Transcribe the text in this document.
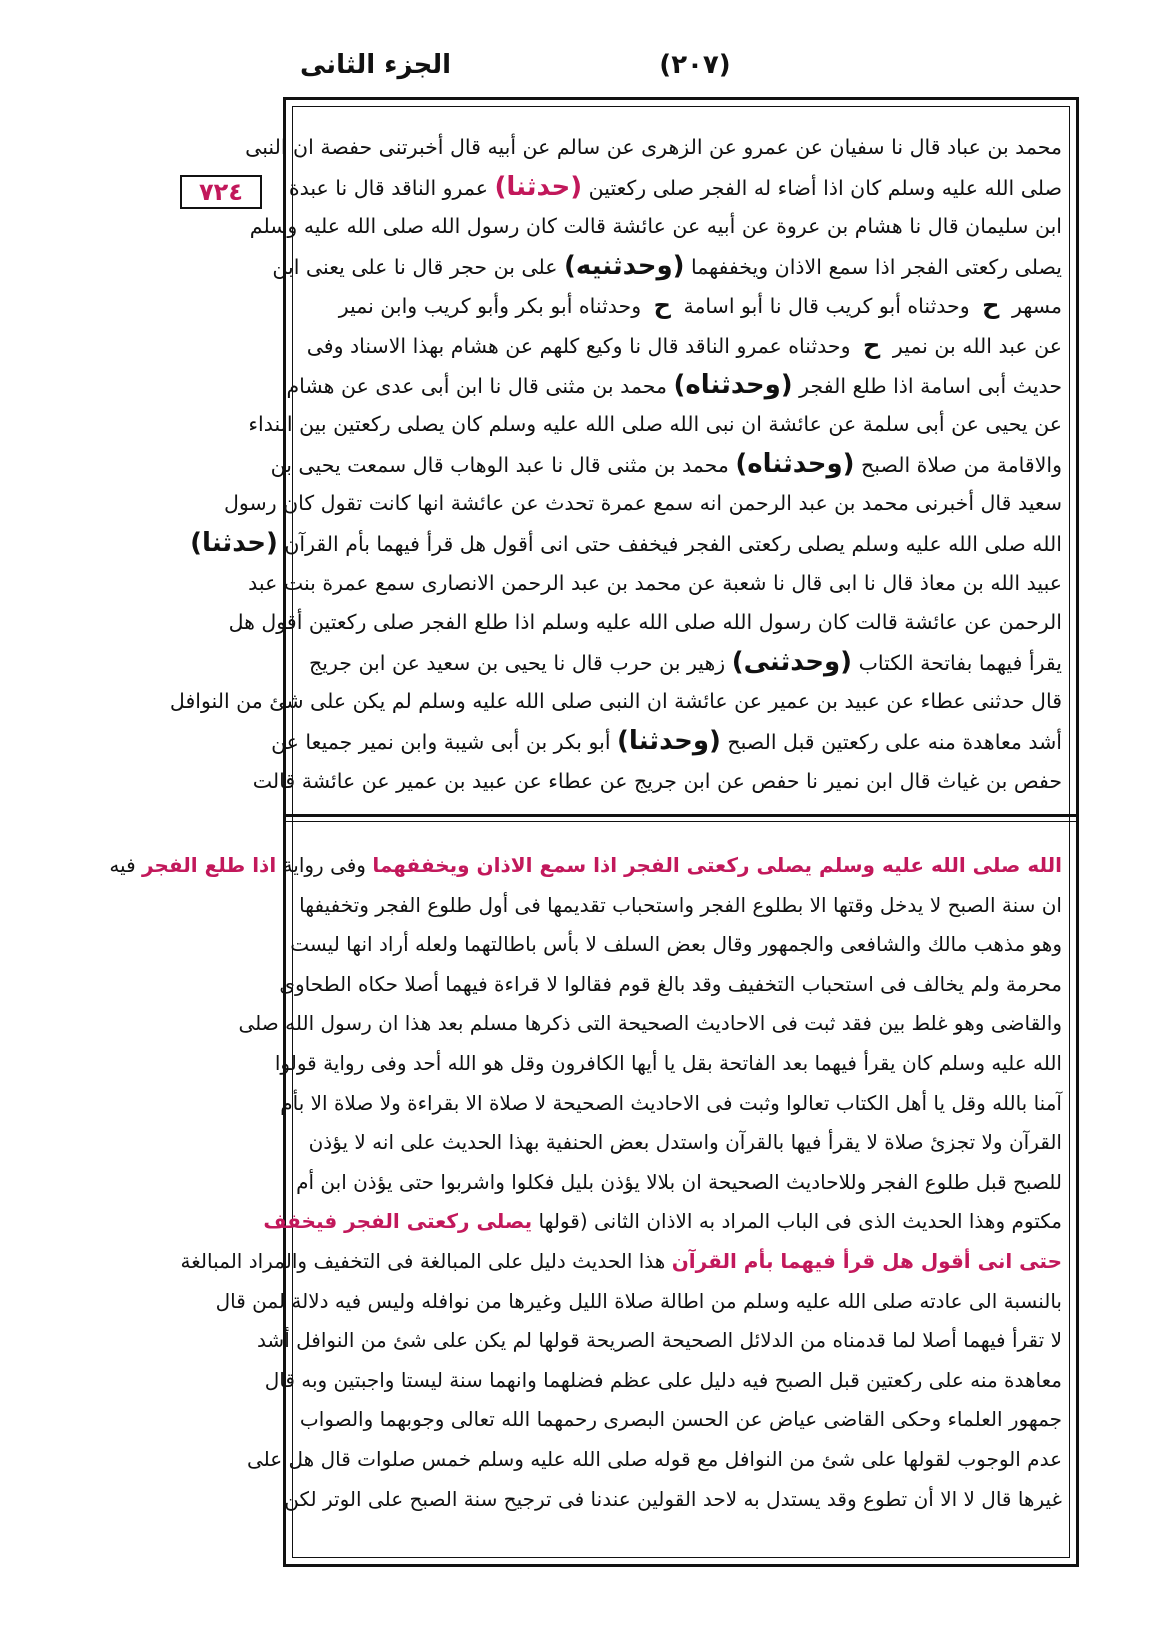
الجزء الثانى	(٢٠٧)
٧٢٤
محمد بن عباد قال نا سفيان عن عمرو عن الزهرى عن سالم عن أبيه قال أخبرتنى حفصة ان النبى
صلى الله عليه وسلم كان اذا أضاء له الفجر صلى ركعتين (حدثنا) عمرو الناقد قال نا عبدة
ابن سليمان قال نا هشام بن عروة عن أبيه عن عائشة قالت كان رسول الله صلى الله عليه وسلم
يصلى ركعتى الفجر اذا سمع الاذان ويخففهما (وحدثنيه) على بن حجر قال نا على يعنى ابن
مسهر ح وحدثناه أبو كريب قال نا أبو اسامة ح وحدثناه أبو بكر وأبو كريب وابن نمير
عن عبد الله بن نمير ح وحدثناه عمرو الناقد قال نا وكيع كلهم عن هشام بهذا الاسناد وفى
حديث أبى اسامة اذا طلع الفجر (وحدثناه) محمد بن مثنى قال نا ابن أبى عدى عن هشام
عن يحيى عن أبى سلمة عن عائشة ان نبى الله صلى الله عليه وسلم كان يصلى ركعتين بين النداء
والاقامة من صلاة الصبح (وحدثناه) محمد بن مثنى قال نا عبد الوهاب قال سمعت يحيى بن
سعيد قال أخبرنى محمد بن عبد الرحمن انه سمع عمرة تحدث عن عائشة انها كانت تقول كان رسول
الله صلى الله عليه وسلم يصلى ركعتى الفجر فيخفف حتى انى أقول هل قرأ فيهما بأم القرآن (حدثنا)
عبيد الله بن معاذ قال نا ابى قال نا شعبة عن محمد بن عبد الرحمن الانصارى سمع عمرة بنت عبد
الرحمن عن عائشة قالت كان رسول الله صلى الله عليه وسلم اذا طلع الفجر صلى ركعتين أقول هل
يقرأ فيهما بفاتحة الكتاب (وحدثنى) زهير بن حرب قال نا يحيى بن سعيد عن ابن جريج
قال حدثنى عطاء عن عبيد بن عمير عن عائشة ان النبى صلى الله عليه وسلم لم يكن على شئ من النوافل
أشد معاهدة منه على ركعتين قبل الصبح (وحدثنا) أبو بكر بن أبى شيبة وابن نمير جميعا عن
حفص بن غياث قال ابن نمير نا حفص عن ابن جريج عن عطاء عن عبيد بن عمير عن عائشة قالت
الله صلى الله عليه وسلم يصلى ركعتى الفجر اذا سمع الاذان ويخففهما وفى رواية اذا طلع الفجر فيه
ان سنة الصبح لا يدخل وقتها الا بطلوع الفجر واستحباب تقديمها فى أول طلوع الفجر وتخفيفها
وهو مذهب مالك والشافعى والجمهور وقال بعض السلف لا بأس باطالتهما ولعله أراد انها ليست
محرمة ولم يخالف فى استحباب التخفيف وقد بالغ قوم فقالوا لا قراءة فيهما أصلا حكاه الطحاوى
والقاضى وهو غلط بين فقد ثبت فى الاحاديث الصحيحة التى ذكرها مسلم بعد هذا ان رسول الله صلى
الله عليه وسلم كان يقرأ فيهما بعد الفاتحة بقل يا أيها الكافرون وقل هو الله أحد وفى رواية قولوا
آمنا بالله وقل يا أهل الكتاب تعالوا وثبت فى الاحاديث الصحيحة لا صلاة الا بقراءة ولا صلاة الا بأم
القرآن ولا تجزئ صلاة لا يقرأ فيها بالقرآن واستدل بعض الحنفية بهذا الحديث على انه لا يؤذن
للصبح قبل طلوع الفجر وللاحاديث الصحيحة ان بلالا يؤذن بليل فكلوا واشربوا حتى يؤذن ابن أم
مكتوم وهذا الحديث الذى فى الباب المراد به الاذان الثانى (قولها يصلى ركعتى الفجر فيخفف
حتى انى أقول هل قرأ فيهما بأم القرآن هذا الحديث دليل على المبالغة فى التخفيف والمراد المبالغة
بالنسبة الى عادته صلى الله عليه وسلم من اطالة صلاة الليل وغيرها من نوافله وليس فيه دلالة لمن قال
لا تقرأ فيهما أصلا لما قدمناه من الدلائل الصحيحة الصريحة قولها لم يكن على شئ من النوافل أشد
معاهدة منه على ركعتين قبل الصبح فيه دليل على عظم فضلهما وانهما سنة ليستا واجبتين وبه قال
جمهور العلماء وحكى القاضى عياض عن الحسن البصرى رحمهما الله تعالى وجوبهما والصواب
عدم الوجوب لقولها على شئ من النوافل مع قوله صلى الله عليه وسلم خمس صلوات قال هل على
غيرها قال لا الا أن تطوع وقد يستدل به لاحد القولين عندنا فى ترجيح سنة الصبح على الوتر لكن
